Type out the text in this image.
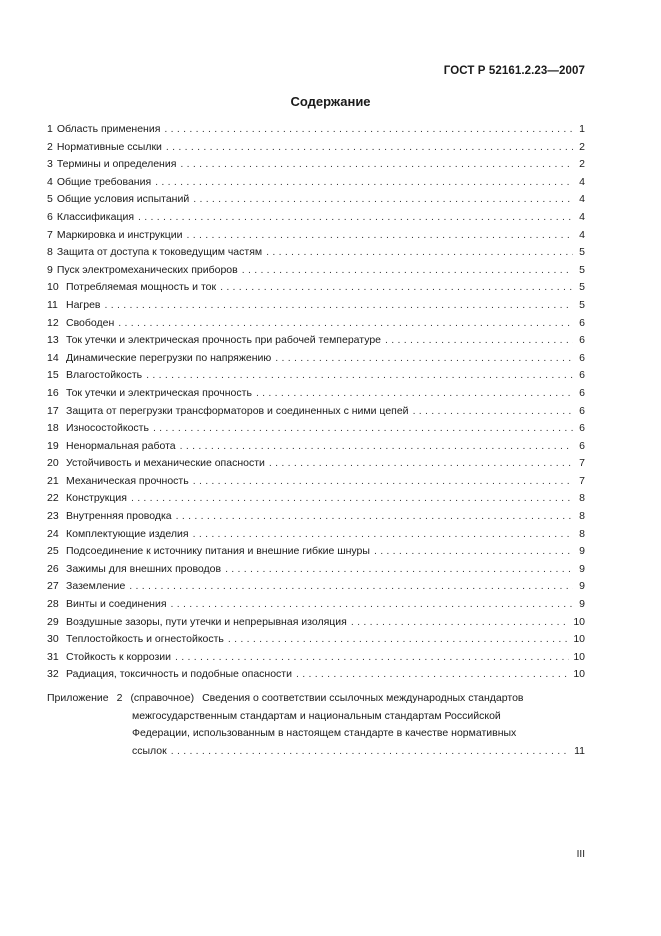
ГОСТ Р 52161.2.23—2007
Содержание
1 Область применения . . .	1
2 Нормативные ссылки . . .	2
3 Термины и определения . . .	2
4 Общие требования . . .	4
5 Общие условия испытаний . . .	4
6 Классификация . . .	4
7 Маркировка и инструкции . . .	4
8 Защита от доступа к токоведущим частям . . .	5
9 Пуск электромеханических приборов . . .	5
10 Потребляемая мощность и ток . . .	5
11 Нагрев . . .	5
12 Свободен . . .	6
13 Ток утечки и электрическая прочность при рабочей температуре . . .	6
14 Динамические перегрузки по напряжению . . .	6
15 Влагостойкость . . .	6
16 Ток утечки и электрическая прочность . . .	6
17 Защита от перегрузки трансформаторов и соединенных с ними цепей . . .	6
18 Износостойкость . . .	6
19 Ненормальная работа . . .	6
20 Устойчивость и механические опасности . . .	7
21 Механическая прочность . . .	7
22 Конструкция . . .	8
23 Внутренняя проводка . . .	8
24 Комплектующие изделия . . .	8
25 Подсоединение к источнику питания и внешние гибкие шнуры . . .	9
26 Зажимы для внешних проводов . . .	9
27 Заземление . . .	9
28 Винты и соединения . . .	9
29 Воздушные зазоры, пути утечки и непрерывная изоляция . . .	10
30 Теплостойкость и огнестойкость . . .	10
31 Стойкость к коррозии . . .	10
32 Радиация, токсичность и подобные опасности . . .	10
Приложение 2 (справочное) Сведения о соответствии ссылочных международных стандартов
межгосударственным стандартам и национальным стандартам Российской
Федерации, использованным в настоящем стандарте в качестве нормативных
ссылок . . .	11
III
